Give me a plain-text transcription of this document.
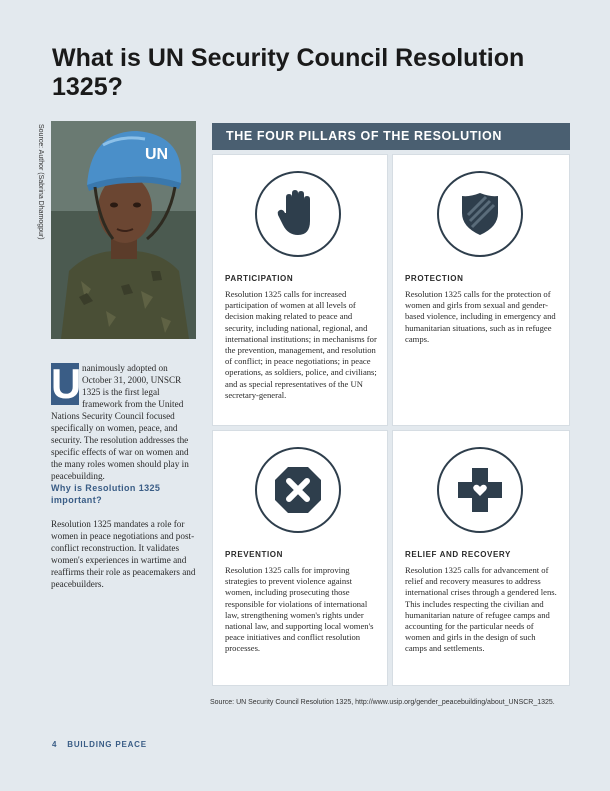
What is UN Security Council Resolution 1325?
Source: Author (Sabrina Dhamogpur)	UN
U nanimously adopted on October 31, 2000, UNSCR 1325 is the first legal framework from the United Nations Security Council focused specifically on women, peace, and security. The resolution addresses the specific effects of war on women and the many roles women should play in peacebuilding.
Why is Resolution 1325 important?
Resolution 1325 mandates a role for women in peace negotiations and post-conflict reconstruction. It validates women's experiences in wartime and reaffirms their role as peacemakers and peacebuilders.
THE FOUR PILLARS OF THE RESOLUTION
PARTICIPATION
Resolution 1325 calls for increased participation of women at all levels of decision making related to peace and security, including national, regional, and international institutions; in mechanisms for the prevention, management, and resolution of conflict; in peace negotiations; in peace operations, as soldiers, police, and civilians; and as special representatives of the UN secretary-general.
PROTECTION
Resolution 1325 calls for the protection of women and girls from sexual and gender-based violence, including in emergency and humanitarian situations, such as in refugee camps.
PREVENTION
Resolution 1325 calls for improving strategies to prevent violence against women, including prosecuting those responsible for violations of international law, strengthening women's rights under national law, and supporting local women's peace initiatives and conflict resolution processes.
RELIEF AND RECOVERY
Resolution 1325 calls for advancement of relief and recovery measures to address international crises through a gendered lens. This includes respecting the civilian and humanitarian nature of refugee camps and accounting for the particular needs of women and girls in the design of such camps and settlements.
Source: UN Security Council Resolution 1325, http://www.usip.org/gender_peacebuilding/about_UNSCR_1325.
4 BUILDING PEACE
